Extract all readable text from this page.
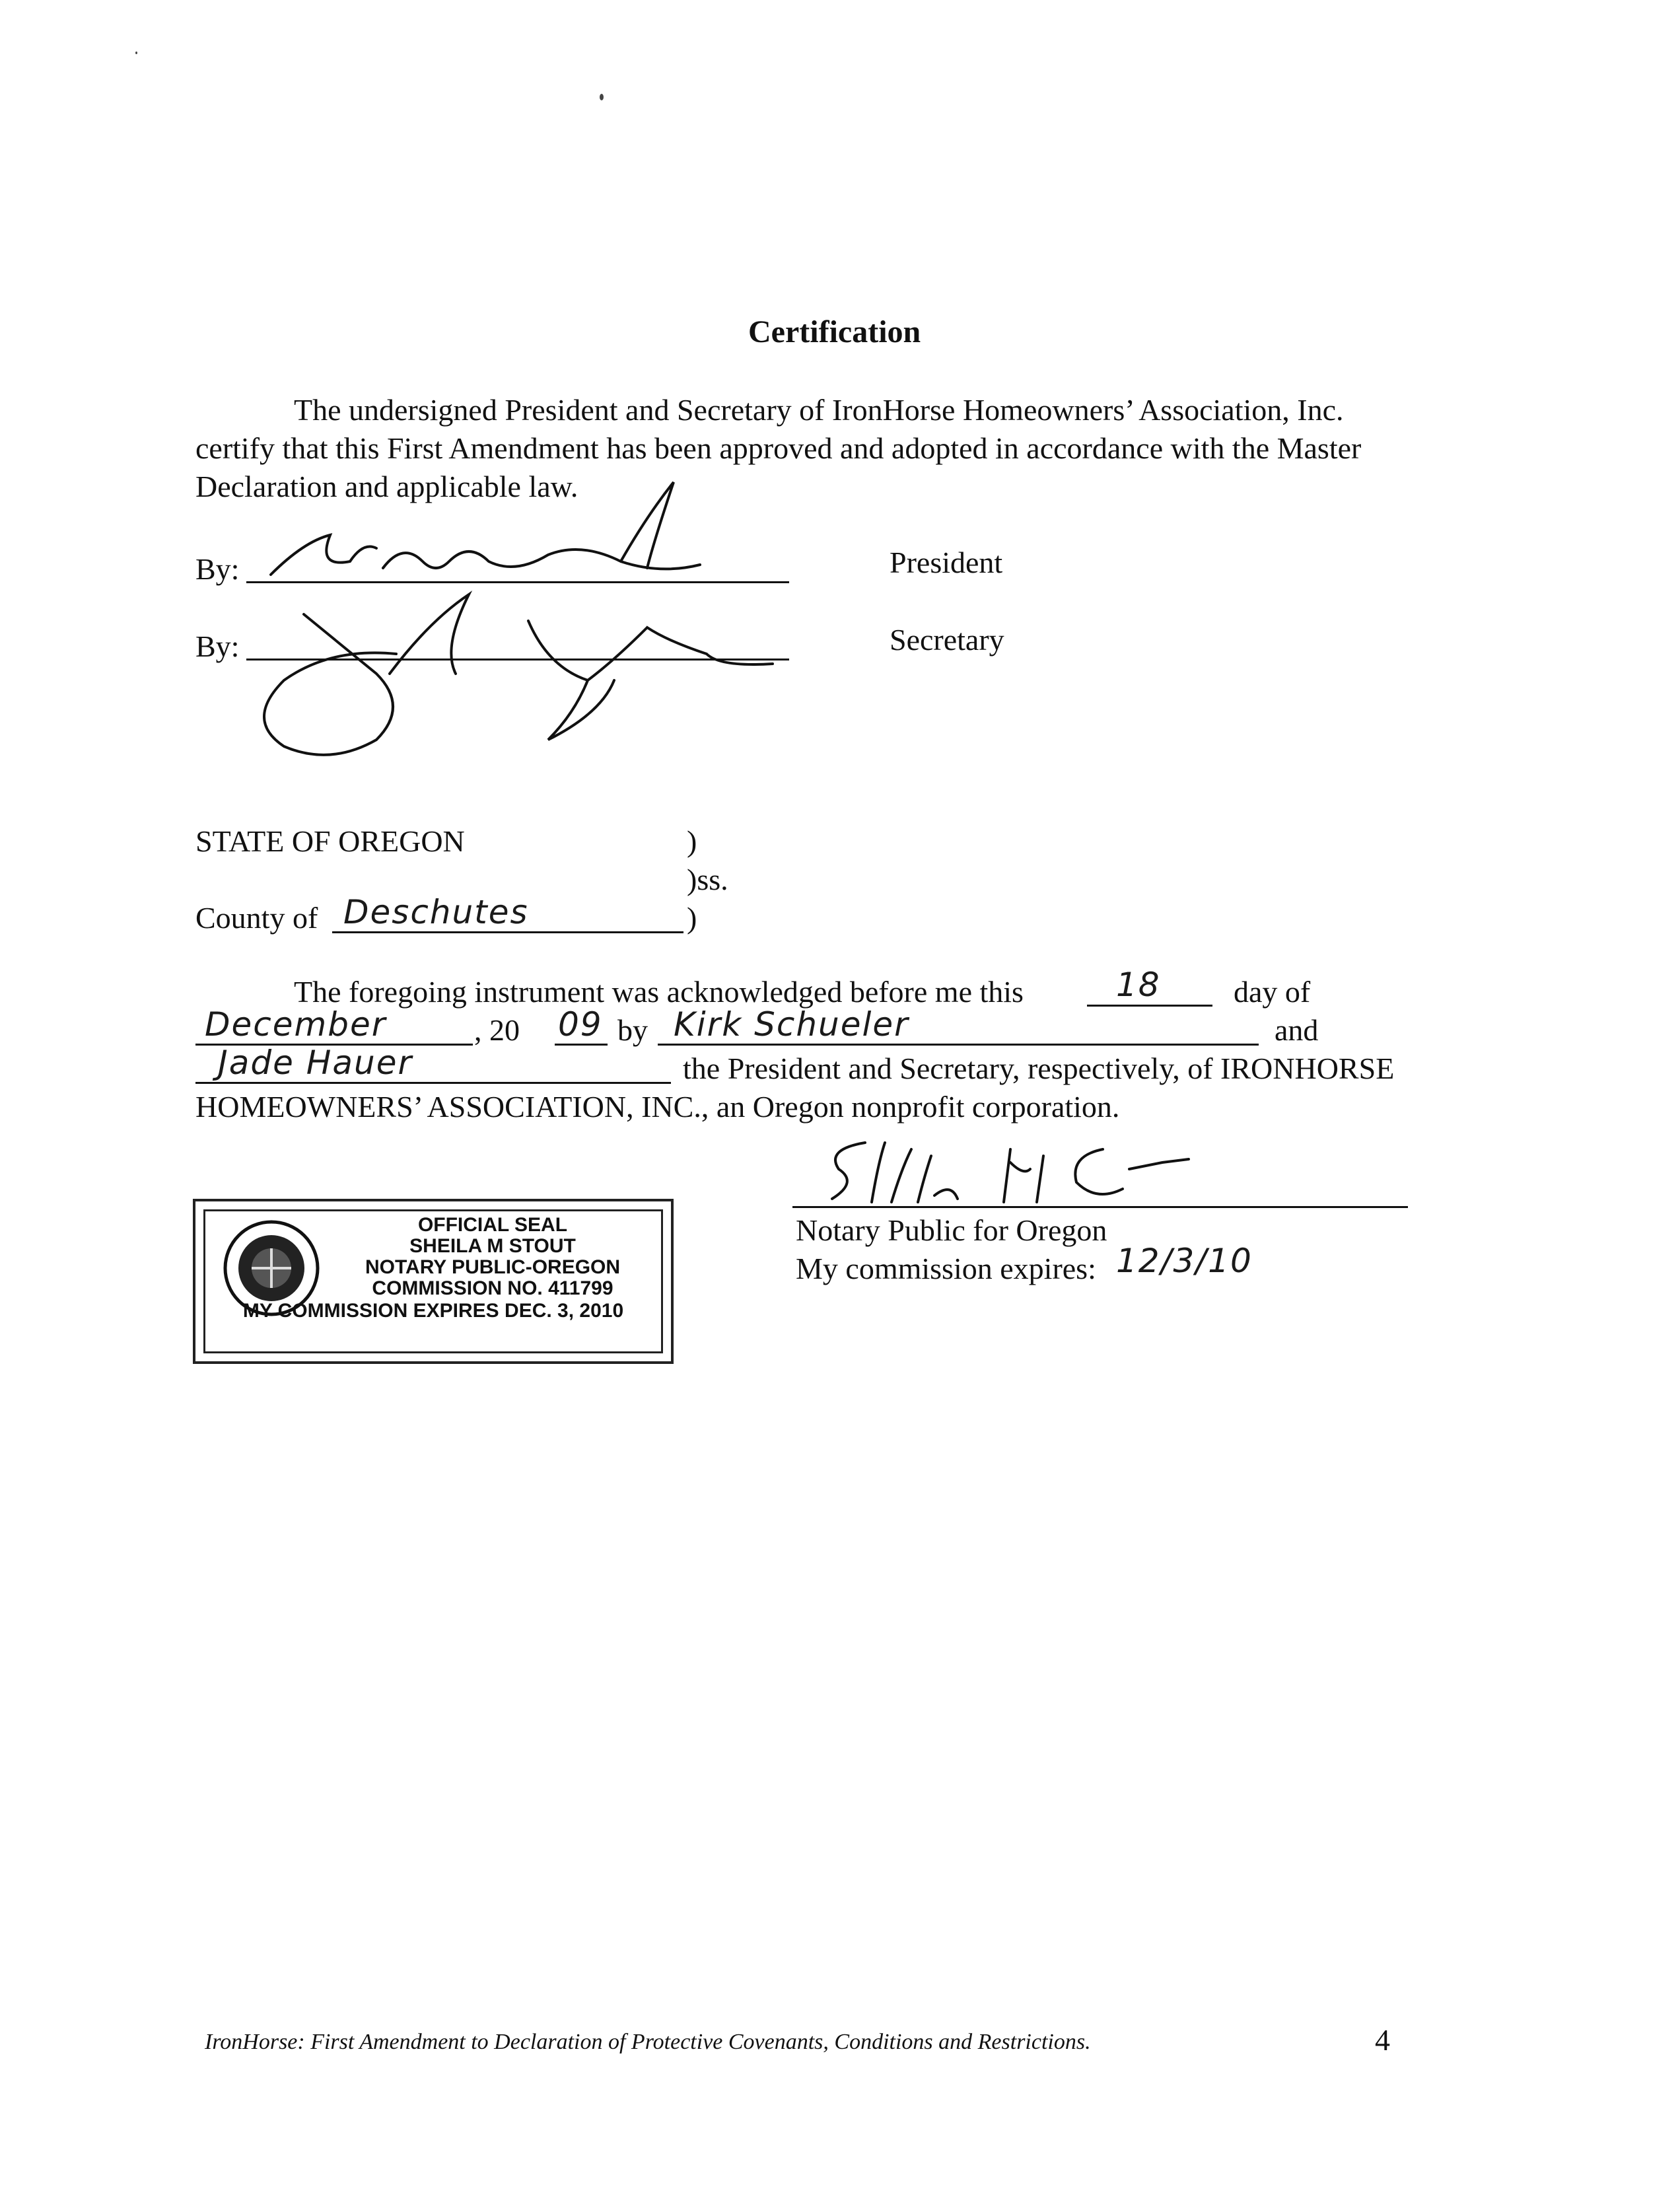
Certification
The undersigned President and Secretary of IronHorse Homeowners’ Association, Inc.
certify that this First Amendment has been approved and adopted in accordance with the Master
Declaration and applicable law.
By:	President
By:	Secretary
STATE OF OREGON	)
)ss.
County of Deschutes	)
The foregoing instrument was acknowledged before me this	18 day of
December	, 20 09 by Kirk Schueler	and
Jade Hauer	the President and Secretary, respectively, of IRONHORSE
HOMEOWNERS’ ASSOCIATION, INC., an Oregon nonprofit corporation.
Notary Public for Oregon
My commission expires: 12/3/10
OFFICIAL SEAL
SHEILA M STOUT
NOTARY PUBLIC-OREGON
COMMISSION NO. 411799
MY COMMISSION EXPIRES DEC. 3, 2010
IronHorse: First Amendment to Declaration of Protective Covenants, Conditions and Restrictions.	4
